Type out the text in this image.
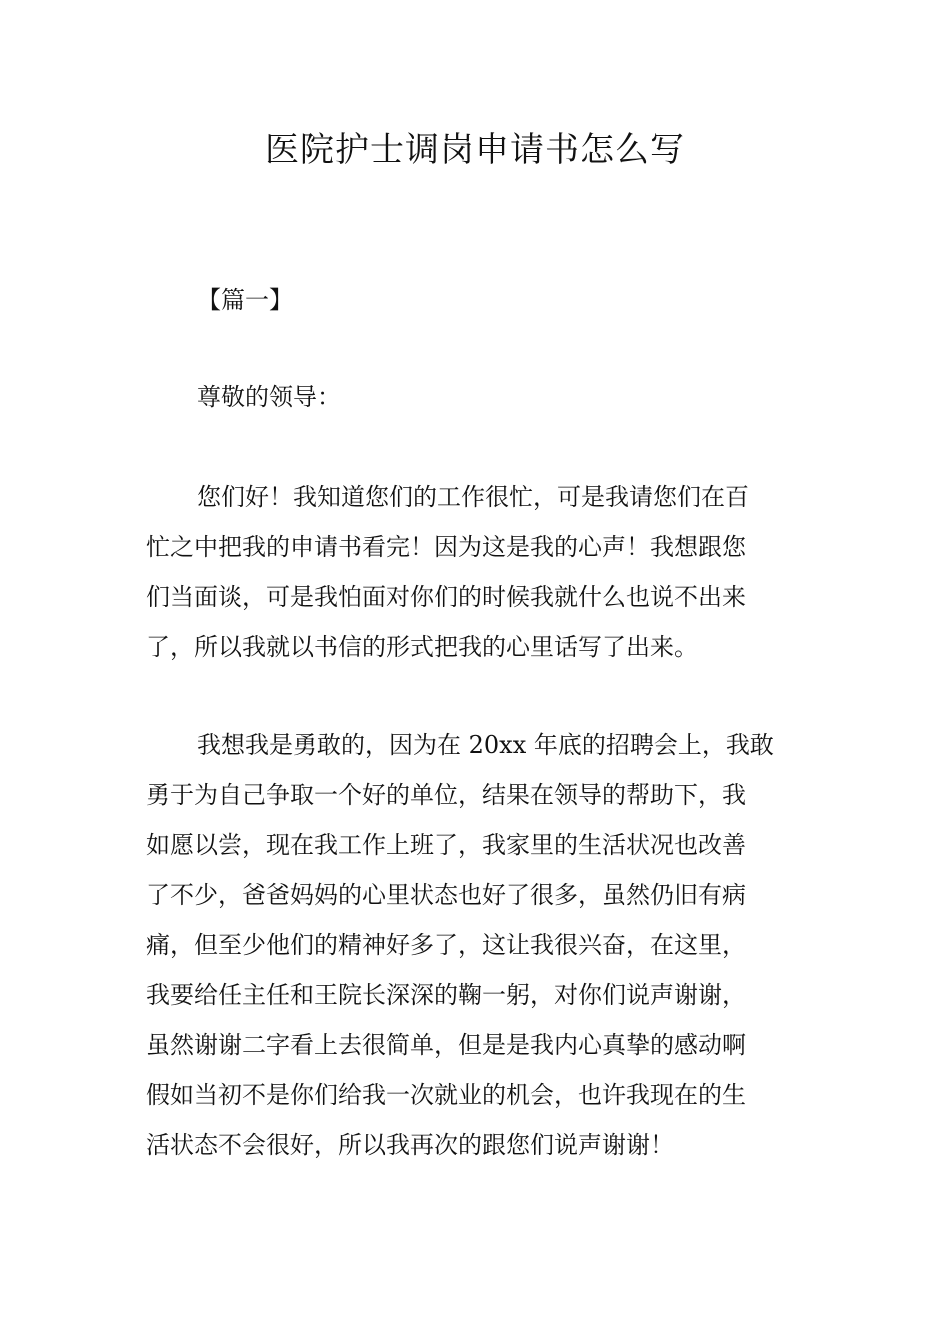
医院护士调岗申请书怎么写

【篇一】

尊敬的领导：

您们好！我知道您们的工作很忙，可是我请您们在百
忙之中把我的申请书看完！因为这是我的心声！我想跟您
们当面谈，可是我怕面对你们的时候我就什么也说不出来
了，所以我就以书信的形式把我的心里话写了出来。
我想我是勇敢的，因为在 20xx 年底的招聘会上，我敢
勇于为自己争取一个好的单位，结果在领导的帮助下，我
如愿以尝，现在我工作上班了，我家里的生活状况也改善
了不少，爸爸妈妈的心里状态也好了很多，虽然仍旧有病
痛，但至少他们的精神好多了，这让我很兴奋，在这里，
我要给任主任和王院长深深的鞠一躬，对你们说声谢谢，
虽然谢谢二字看上去很简单，但是是我内心真挚的感动啊
假如当初不是你们给我一次就业的机会，也许我现在的生
活状态不会很好，所以我再次的跟您们说声谢谢！
